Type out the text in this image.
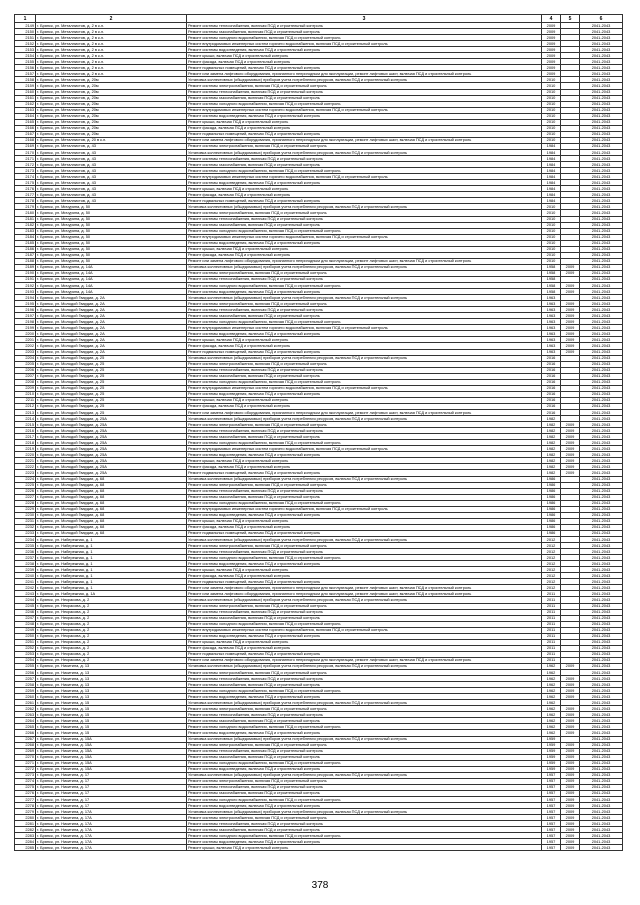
1	2	3	4	5	6
2149	г. Брянск, ул. Металлистов, д. 2 в к.л.	Ремонт системы теплоснабжения, включая ПСД и строительный контроль	2009		2041-2043
2150	г. Брянск, ул. Металлистов, д. 2 в к.л.	Ремонт системы газоснабжения, включая ПСД и строительный контроль	2009		2041-2043
2151	г. Брянск, ул. Металлистов, д. 2 в к.л.	Ремонт системы холодного водоснабжения, включая ПСД и строительный контроль	2009		2041-2043
2152	г. Брянск, ул. Металлистов, д. 2 в к.л.	Ремонт внутридомовых инженерных систем горячего водоснабжения, включая ПСД и строительный контроль	2009		2041-2043
2153	г. Брянск, ул. Металлистов, д. 2 в к.л.	Ремонт системы водоотведения, включая ПСД и строительный контроль	2009		2041-2043
2154	г. Брянск, ул. Металлистов, д. 2 в к.л.	Ремонт крыши, включая ПСД и строительный контроль	2009		2041-2043
2155	г. Брянск, ул. Металлистов, д. 2 в к.л.	Ремонт фасада, включая ПСД и строительный контроль	2009		2041-2043
2156	г. Брянск, ул. Металлистов, д. 2 в к.л.	Ремонт подвальных помещений, включая ПСД и строительный контроль	2009		2041-2043
2157	г. Брянск, ул. Металлистов, д. 2 в к.л.	Ремонт или замена лифтового оборудования, признанного непригодным для эксплуатации, ремонт лифтовых шахт, включая ПСД и строительный контроль	2009		2041-2043
2158	г. Брянск, ул. Металлистов, д. 20м	Установка коллективных (общедомовых) приборов учета потребления ресурсов, включая ПСД и строительный контроль	2010		2041-2043
2159	г. Брянск, ул. Металлистов, д. 20м	Ремонт системы электроснабжения, включая ПСД и строительный контроль	2010		2041-2043
2160	г. Брянск, ул. Металлистов, д. 20м	Ремонт системы теплоснабжения, включая ПСД и строительный контроль	2010		2041-2043
2161	г. Брянск, ул. Металлистов, д. 20м	Ремонт системы газоснабжения, включая ПСД и строительный контроль	2010		2041-2043
2162	г. Брянск, ул. Металлистов, д. 20м	Ремонт системы холодного водоснабжения, включая ПСД и строительный контроль	2010		2041-2043
2163	г. Брянск, ул. Металлистов, д. 20м	Ремонт внутридомовых инженерных систем горячего водоснабжения, включая ПСД и строительный контроль	2010		2041-2043
2164	г. Брянск, ул. Металлистов, д. 20м	Ремонт системы водоотведения, включая ПСД и строительный контроль	2010		2041-2043
2165	г. Брянск, ул. Металлистов, д. 20м	Ремонт крыши, включая ПСД и строительный контроль	2010		2041-2043
2166	г. Брянск, ул. Металлистов, д. 20м	Ремонт фасада, включая ПСД и строительный контроль	2010		2041-2043
2167	г. Брянск, ул. Металлистов, д. 20м	Ремонт подвальных помещений, включая ПСД и строительный контроль	2010		2041-2043
2168	г. Брянск, ул. Металлистов, д. 20 в к.л.	Ремонт или замена лифтового оборудования, признанного непригодным для эксплуатации, ремонт лифтовых шахт, включая ПСД и строительный контроль	2010		2041-2043
2169	г. Брянск, ул. Металлистов, д. 43	Ремонт системы электроснабжения, включая ПСД и строительный контроль	1984		2041-2043
2170	г. Брянск, ул. Металлистов, д. 43	Установка коллективных (общедомовых) приборов учета потребления ресурсов, включая ПСД и строительный контроль	1984		2041-2043
2171	г. Брянск, ул. Металлистов, д. 43	Ремонт системы теплоснабжения, включая ПСД и строительный контроль	1984		2041-2043
2172	г. Брянск, ул. Металлистов, д. 43	Ремонт системы газоснабжения, включая ПСД и строительный контроль	1984		2041-2043
2173	г. Брянск, ул. Металлистов, д. 43	Ремонт системы холодного водоснабжения, включая ПСД и строительный контроль	1984		2041-2043
2174	г. Брянск, ул. Металлистов, д. 43	Ремонт внутридомовых инженерных систем горячего водоснабжения, включая ПСД и строительный контроль	1984		2041-2043
2175	г. Брянск, ул. Металлистов, д. 43	Ремонт системы водоотведения, включая ПСД и строительный контроль	1984		2041-2043
2176	г. Брянск, ул. Металлистов, д. 43	Ремонт крыши, включая ПСД и строительный контроль	1984		2041-2043
2177	г. Брянск, ул. Металлистов, д. 43	Ремонт фасада, включая ПСД и строительный контроль	1984		2041-2043
2178	г. Брянск, ул. Металлистов, д. 43	Ремонт подвальных помещений, включая ПСД и строительный контроль	1984		2041-2043
2179	г. Брянск, ул. Мичурина, д. 50	Установка коллективных (общедомовых) приборов учета потребления ресурсов, включая ПСД и строительный контроль	2010		2041-2043
2180	г. Брянск, ул. Мичурина, д. 50	Ремонт системы электроснабжения, включая ПСД и строительный контроль	2010		2041-2043
2181	г. Брянск, ул. Мичурина, д. 50	Ремонт системы теплоснабжения, включая ПСД и строительный контроль	2010		2041-2043
2182	г. Брянск, ул. Мичурина, д. 50	Ремонт системы газоснабжения, включая ПСД и строительный контроль	2010		2041-2043
2183	г. Брянск, ул. Мичурина, д. 50	Ремонт системы холодного водоснабжения, включая ПСД и строительный контроль	2010		2041-2043
2184	г. Брянск, ул. Мичурина, д. 50	Ремонт внутридомовых инженерных систем горячего водоснабжения, включая ПСД и строительный контроль	2010		2041-2043
2185	г. Брянск, ул. Мичурина, д. 50	Ремонт системы водоотведения, включая ПСД и строительный контроль	2010		2041-2043
2186	г. Брянск, ул. Мичурина, д. 50	Ремонт крыши, включая ПСД и строительный контроль	2010		2041-2043
2187	г. Брянск, ул. Мичурина, д. 50	Ремонт фасада, включая ПСД и строительный контроль	2010		2041-2043
2188	г. Брянск, ул. Мичурина, д. 50	Ремонт или замена лифтового оборудования, признанного непригодным для эксплуатации, ремонт лифтовых шахт, включая ПСД и строительный контроль	2010		2041-2043
2189	г. Брянск, ул. Мичурина, д. 14А	Установка коллективных (общедомовых) приборов учета потребления ресурсов, включая ПСД и строительный контроль	1958	2009	2041-2043
2190	г. Брянск, ул. Мичурина, д. 14А	Ремонт системы электроснабжения, включая ПСД и строительный контроль	1958	2009	2041-2043
2191	г. Брянск, ул. Мичурина, д. 14А	Ремонт системы теплоснабжения, включая ПСД и строительный контроль	1958		2041-2043
2192	г. Брянск, ул. Мичурина, д. 14А	Ремонт системы холодного водоснабжения, включая ПСД и строительный контроль	1958	2009	2041-2043
2193	г. Брянск, ул. Мичурина, д. 14А	Ремонт системы водоотведения, включая ПСД и строительный контроль	1958	2009	2041-2043
2194	г. Брянск, ул. Молодой Гвардии, д. 2А	Установка коллективных (общедомовых) приборов учета потребления ресурсов, включая ПСД и строительный контроль	1963		2041-2043
2195	г. Брянск, ул. Молодой Гвардии, д. 2А	Ремонт системы электроснабжения, включая ПСД и строительный контроль	1963	2009	2041-2043
2196	г. Брянск, ул. Молодой Гвардии, д. 2А	Ремонт системы теплоснабжения, включая ПСД и строительный контроль	1963	2009	2041-2043
2197	г. Брянск, ул. Молодой Гвардии, д. 2А	Ремонт системы газоснабжения, включая ПСД и строительный контроль	1963	2009	2041-2043
2198	г. Брянск, ул. Молодой Гвардии, д. 2А	Ремонт системы холодного водоснабжения, включая ПСД и строительный контроль	1963	2009	2041-2043
2199	г. Брянск, ул. Молодой Гвардии, д. 2А	Ремонт внутридомовых инженерных систем горячего водоснабжения, включая ПСД и строительный контроль	1963	2009	2041-2043
2200	г. Брянск, ул. Молодой Гвардии, д. 2А	Ремонт системы водоотведения, включая ПСД и строительный контроль	1963	2009	2041-2043
2201	г. Брянск, ул. Молодой Гвардии, д. 2А	Ремонт крыши, включая ПСД и строительный контроль	1963	2009	2041-2043
2202	г. Брянск, ул. Молодой Гвардии, д. 2А	Ремонт фасада, включая ПСД и строительный контроль	1963	2009	2041-2043
2203	г. Брянск, ул. Молодой Гвардии, д. 2А	Ремонт подвальных помещений, включая ПСД и строительный контроль	1963	2009	2041-2043
2204	г. Брянск, ул. Молодой Гвардии, д. 25	Установка коллективных (общедомовых) приборов учета потребления ресурсов, включая ПСД и строительный контроль	2016		2041-2043
2205	г. Брянск, ул. Молодой Гвардии, д. 25	Ремонт системы электроснабжения, включая ПСД и строительный контроль	2016		2041-2043
2206	г. Брянск, ул. Молодой Гвардии, д. 25	Ремонт системы теплоснабжения, включая ПСД и строительный контроль	2016		2041-2043
2207	г. Брянск, ул. Молодой Гвардии, д. 25	Ремонт системы газоснабжения, включая ПСД и строительный контроль	2016		2041-2043
2208	г. Брянск, ул. Молодой Гвардии, д. 25	Ремонт системы холодного водоснабжения, включая ПСД и строительный контроль	2016		2041-2043
2209	г. Брянск, ул. Молодой Гвардии, д. 25	Ремонт внутридомовых инженерных систем горячего водоснабжения, включая ПСД и строительный контроль	2016		2041-2043
2210	г. Брянск, ул. Молодой Гвардии, д. 25	Ремонт системы водоотведения, включая ПСД и строительный контроль	2016		2041-2043
2211	г. Брянск, ул. Молодой Гвардии, д. 25	Ремонт крыши, включая ПСД и строительный контроль	2016		2041-2043
2212	г. Брянск, ул. Молодой Гвардии, д. 25	Ремонт фасада, включая ПСД и строительный контроль	2016		2041-2043
2213	г. Брянск, ул. Молодой Гвардии, д. 25	Ремонт или замена лифтового оборудования, признанного непригодным для эксплуатации, ремонт лифтовых шахт, включая ПСД и строительный контроль	2016		2041-2043
2214	г. Брянск, ул. Молодой Гвардии, д. 25А	Установка коллективных (общедомовых) приборов учета потребления ресурсов, включая ПСД и строительный контроль	1982		2041-2043
2215	г. Брянск, ул. Молодой Гвардии, д. 25А	Ремонт системы электроснабжения, включая ПСД и строительный контроль	1982	2009	2041-2043
2216	г. Брянск, ул. Молодой Гвардии, д. 25А	Ремонт системы теплоснабжения, включая ПСД и строительный контроль	1982	2009	2041-2043
2217	г. Брянск, ул. Молодой Гвардии, д. 25А	Ремонт системы газоснабжения, включая ПСД и строительный контроль	1982	2009	2041-2043
2218	г. Брянск, ул. Молодой Гвардии, д. 25А	Ремонт системы холодного водоснабжения, включая ПСД и строительный контроль	1982	2009	2041-2043
2219	г. Брянск, ул. Молодой Гвардии, д. 25А	Ремонт внутридомовых инженерных систем горячего водоснабжения, включая ПСД и строительный контроль	1982	2009	2041-2043
2220	г. Брянск, ул. Молодой Гвардии, д. 25А	Ремонт системы водоотведения, включая ПСД и строительный контроль	1982	2009	2041-2043
2221	г. Брянск, ул. Молодой Гвардии, д. 25А	Ремонт крыши, включая ПСД и строительный контроль	1982	2009	2041-2043
2222	г. Брянск, ул. Молодой Гвардии, д. 25А	Ремонт фасада, включая ПСД и строительный контроль	1982	2009	2041-2043
2223	г. Брянск, ул. Молодой Гвардии, д. 25А	Ремонт подвальных помещений, включая ПСД и строительный контроль	1982	2009	2041-2043
2224	г. Брянск, ул. Молодой Гвардии, д. 68	Установка коллективных (общедомовых) приборов учета потребления ресурсов, включая ПСД и строительный контроль	1986		2041-2043
2225	г. Брянск, ул. Молодой Гвардии, д. 68	Ремонт системы электроснабжения, включая ПСД и строительный контроль	1986		2041-2043
2226	г. Брянск, ул. Молодой Гвардии, д. 68	Ремонт системы теплоснабжения, включая ПСД и строительный контроль	1986		2041-2043
2227	г. Брянск, ул. Молодой Гвардии, д. 68	Ремонт системы газоснабжения, включая ПСД и строительный контроль	1986		2041-2043
2228	г. Брянск, ул. Молодой Гвардии, д. 68	Ремонт системы холодного водоснабжения, включая ПСД и строительный контроль	1986		2041-2043
2229	г. Брянск, ул. Молодой Гвардии, д. 68	Ремонт внутридомовых инженерных систем горячего водоснабжения, включая ПСД и строительный контроль	1986		2041-2043
2230	г. Брянск, ул. Молодой Гвардии, д. 68	Ремонт системы водоотведения, включая ПСД и строительный контроль	1986		2041-2043
2231	г. Брянск, ул. Молодой Гвардии, д. 68	Ремонт крыши, включая ПСД и строительный контроль	1986		2041-2043
2232	г. Брянск, ул. Молодой Гвардии, д. 68	Ремонт фасада, включая ПСД и строительный контроль	1986		2041-2043
2233	г. Брянск, ул. Молодой Гвардии, д. 68	Ремонт подвальных помещений, включая ПСД и строительный контроль	1986		2041-2043
2234	г. Брянск, ул. Набережная, д. 1	Установка коллективных (общедомовых) приборов учета потребления ресурсов, включая ПСД и строительный контроль	2012		2041-2043
2235	г. Брянск, ул. Набережная, д. 1	Ремонт системы электроснабжения, включая ПСД и строительный контроль	2012		2041-2043
2236	г. Брянск, ул. Набережная, д. 1	Ремонт системы теплоснабжения, включая ПСД и строительный контроль	2012		2041-2043
2237	г. Брянск, ул. Набережная, д. 1	Ремонт системы холодного водоснабжения, включая ПСД и строительный контроль	2012		2041-2043
2238	г. Брянск, ул. Набережная, д. 1	Ремонт системы водоотведения, включая ПСД и строительный контроль	2012		2041-2043
2239	г. Брянск, ул. Набережная, д. 1	Ремонт крыши, включая ПСД и строительный контроль	2012		2041-2043
2240	г. Брянск, ул. Набережная, д. 1	Ремонт фасада, включая ПСД и строительный контроль	2012		2041-2043
2241	г. Брянск, ул. Набережная, д. 1	Ремонт подвальных помещений, включая ПСД и строительный контроль	2012		2041-2043
2242	г. Брянск, ул. Набережная, д. 1	Ремонт или замена лифтового оборудования, признанного непригодным для эксплуатации, ремонт лифтовых шахт, включая ПСД и строительный контроль	2012		2041-2043
2243	г. Брянск, ул. Набережная, д. 1А	Ремонт или замена лифтового оборудования, признанного непригодным для эксплуатации, ремонт лифтовых шахт, включая ПСД и строительный контроль	2011		2041-2043
2244	г. Брянск, ул. Некрасова, д. 2	Установка коллективных (общедомовых) приборов учета потребления ресурсов, включая ПСД и строительный контроль	2011		2041-2043
2245	г. Брянск, ул. Некрасова, д. 2	Ремонт системы электроснабжения, включая ПСД и строительный контроль	2011		2041-2043
2246	г. Брянск, ул. Некрасова, д. 2	Ремонт системы теплоснабжения, включая ПСД и строительный контроль	2011		2041-2043
2247	г. Брянск, ул. Некрасова, д. 2	Ремонт системы газоснабжения, включая ПСД и строительный контроль	2011		2041-2043
2248	г. Брянск, ул. Некрасова, д. 2	Ремонт системы холодного водоснабжения, включая ПСД и строительный контроль	2011		2041-2043
2249	г. Брянск, ул. Некрасова, д. 2	Ремонт внутридомовых инженерных систем горячего водоснабжения, включая ПСД и строительный контроль	2011		2041-2043
2250	г. Брянск, ул. Некрасова, д. 2	Ремонт системы водоотведения, включая ПСД и строительный контроль	2011		2041-2043
2251	г. Брянск, ул. Некрасова, д. 2	Ремонт крыши, включая ПСД и строительный контроль	2011		2041-2043
2252	г. Брянск, ул. Некрасова, д. 2	Ремонт фасада, включая ПСД и строительный контроль	2011		2041-2043
2253	г. Брянск, ул. Некрасова, д. 2	Ремонт подвальных помещений, включая ПСД и строительный контроль	2011		2041-2043
2254	г. Брянск, ул. Некрасова, д. 2	Ремонт или замена лифтового оборудования, признанного непригодным для эксплуатации, ремонт лифтовых шахт, включая ПСД и строительный контроль	2011		2041-2043
2255	г. Брянск, ул. Никитина, д. 13	Установка коллективных (общедомовых) приборов учета потребления ресурсов, включая ПСД и строительный контроль	1962	2009	2041-2043
2256	г. Брянск, ул. Никитина, д. 13	Ремонт системы электроснабжения, включая ПСД и строительный контроль	1962		2041-2043
2257	г. Брянск, ул. Никитина, д. 13	Ремонт системы теплоснабжения, включая ПСД и строительный контроль	1962	2009	2041-2043
2258	г. Брянск, ул. Никитина, д. 13	Ремонт системы газоснабжения, включая ПСД и строительный контроль	1962	2009	2041-2043
2259	г. Брянск, ул. Никитина, д. 13	Ремонт системы холодного водоснабжения, включая ПСД и строительный контроль	1962	2009	2041-2043
2260	г. Брянск, ул. Никитина, д. 13	Ремонт системы водоотведения, включая ПСД и строительный контроль	1962	2009	2041-2043
2261	г. Брянск, ул. Никитина, д. 15	Установка коллективных (общедомовых) приборов учета потребления ресурсов, включая ПСД и строительный контроль	1962		2041-2043
2262	г. Брянск, ул. Никитина, д. 15	Ремонт системы электроснабжения, включая ПСД и строительный контроль	1962	2009	2041-2043
2263	г. Брянск, ул. Никитина, д. 15	Ремонт системы теплоснабжения, включая ПСД и строительный контроль	1962	2009	2041-2043
2264	г. Брянск, ул. Никитина, д. 15	Ремонт системы газоснабжения, включая ПСД и строительный контроль	1962	2009	2041-2043
2265	г. Брянск, ул. Никитина, д. 15	Ремонт системы холодного водоснабжения, включая ПСД и строительный контроль	1962	2009	2041-2043
2266	г. Брянск, ул. Никитина, д. 15	Ремонт системы водоотведения, включая ПСД и строительный контроль	1962	2009	2041-2043
2267	г. Брянск, ул. Никитина, д. 15А	Установка коллективных (общедомовых) приборов учета потребления ресурсов, включая ПСД и строительный контроль	1959		2041-2043
2268	г. Брянск, ул. Никитина, д. 15А	Ремонт системы электроснабжения, включая ПСД и строительный контроль	1959	2009	2041-2043
2269	г. Брянск, ул. Никитина, д. 15А	Ремонт системы теплоснабжения, включая ПСД и строительный контроль	1959	2009	2041-2043
2270	г. Брянск, ул. Никитина, д. 15А	Ремонт системы газоснабжения, включая ПСД и строительный контроль	1959	2009	2041-2043
2271	г. Брянск, ул. Никитина, д. 15А	Ремонт системы холодного водоснабжения, включая ПСД и строительный контроль	1959	2009	2041-2043
2272	г. Брянск, ул. Никитина, д. 15А	Ремонт системы водоотведения, включая ПСД и строительный контроль	1959	2009	2041-2043
2273	г. Брянск, ул. Никитина, д. 17	Установка коллективных (общедомовых) приборов учета потребления ресурсов, включая ПСД и строительный контроль	1957	2009	2041-2043
2274	г. Брянск, ул. Никитина, д. 17	Ремонт системы электроснабжения, включая ПСД и строительный контроль	1957	2009	2041-2043
2275	г. Брянск, ул. Никитина, д. 17	Ремонт системы теплоснабжения, включая ПСД и строительный контроль	1957	2009	2041-2043
2276	г. Брянск, ул. Никитина, д. 17	Ремонт системы газоснабжения, включая ПСД и строительный контроль	1957	2009	2041-2043
2277	г. Брянск, ул. Никитина, д. 17	Ремонт системы холодного водоснабжения, включая ПСД и строительный контроль	1957	2009	2041-2043
2278	г. Брянск, ул. Никитина, д. 17	Ремонт системы водоотведения, включая ПСД и строительный контроль	1957	2009	2041-2043
2279	г. Брянск, ул. Никитина, д. 17А	Установка коллективных (общедомовых) приборов учета потребления ресурсов, включая ПСД и строительный контроль	1957	2009	2041-2043
2280	г. Брянск, ул. Никитина, д. 17А	Ремонт системы электроснабжения, включая ПСД и строительный контроль	1957	2009	2041-2043
2281	г. Брянск, ул. Никитина, д. 17А	Ремонт системы теплоснабжения, включая ПСД и строительный контроль	1957	2009	2041-2043
2282	г. Брянск, ул. Никитина, д. 17А	Ремонт системы газоснабжения, включая ПСД и строительный контроль	1957	2009	2041-2043
2283	г. Брянск, ул. Никитина, д. 17А	Ремонт системы холодного водоснабжения, включая ПСД и строительный контроль	1957	2009	2041-2043
2284	г. Брянск, ул. Никитина, д. 17А	Ремонт системы водоотведения, включая ПСД и строительный контроль	1957	2009	2041-2043
2285	г. Брянск, ул. Никитина, д. 17А	Ремонт крыши, включая ПСД и строительный контроль	1957	2009	2041-2043
378
